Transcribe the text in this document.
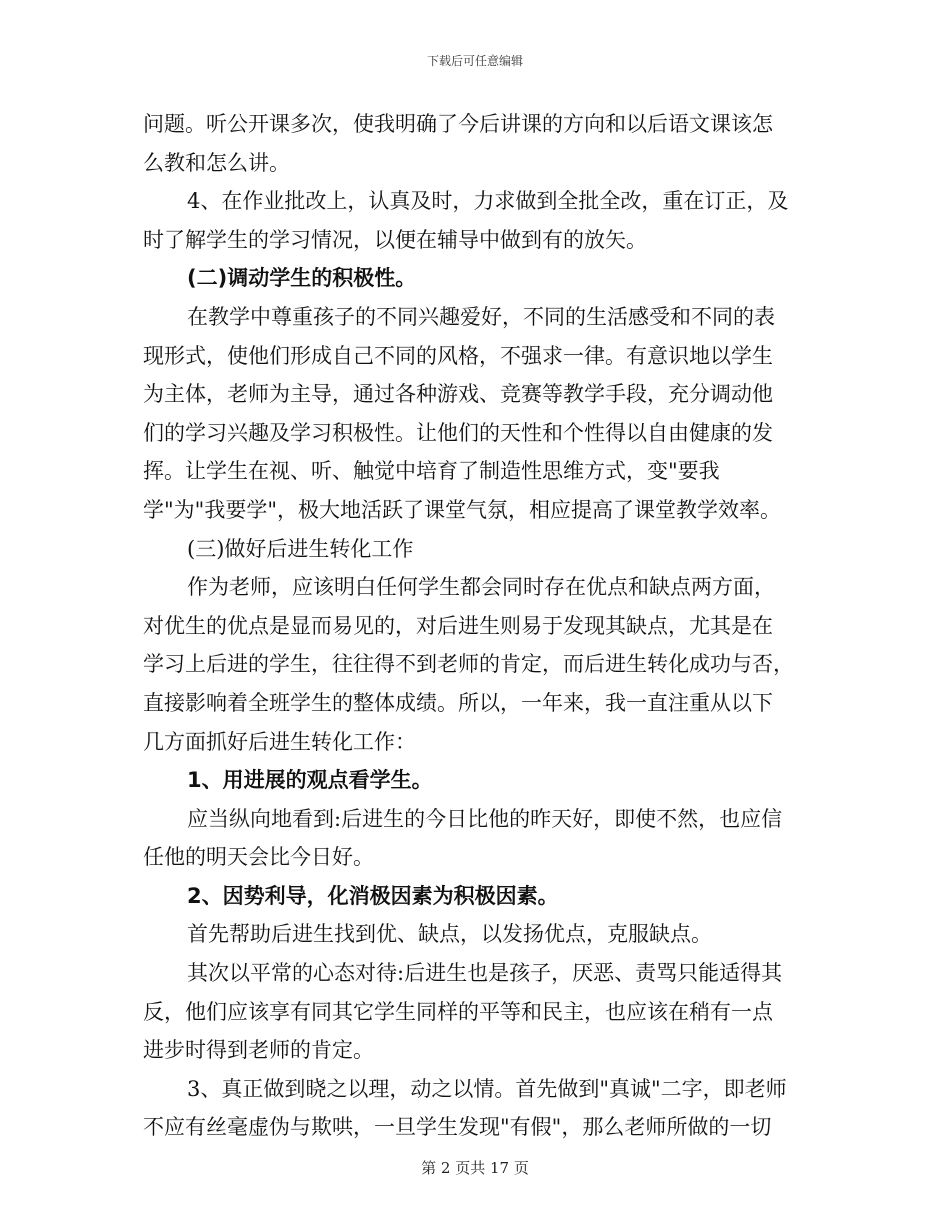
下载后可任意编辑
问题。听公开课多次，使我明确了今后讲课的方向和以后语文课该怎
么教和怎么讲。
4、在作业批改上，认真及时，力求做到全批全改，重在订正，及
时了解学生的学习情况，以便在辅导中做到有的放矢。
(二)调动学生的积极性。
在教学中尊重孩子的不同兴趣爱好，不同的生活感受和不同的表
现形式，使他们形成自己不同的风格，不强求一律。有意识地以学生
为主体，老师为主导，通过各种游戏、竞赛等教学手段，充分调动他
们的学习兴趣及学习积极性。让他们的天性和个性得以自由健康的发
挥。让学生在视、听、触觉中培育了制造性思维方式，变"要我
学"为"我要学"，极大地活跃了课堂气氛，相应提高了课堂教学效率。
(三)做好后进生转化工作
作为老师，应该明白任何学生都会同时存在优点和缺点两方面，
对优生的优点是显而易见的，对后进生则易于发现其缺点，尤其是在
学习上后进的学生，往往得不到老师的肯定，而后进生转化成功与否，
直接影响着全班学生的整体成绩。所以，一年来，我一直注重从以下
几方面抓好后进生转化工作：
1、用进展的观点看学生。
应当纵向地看到:后进生的今日比他的昨天好，即使不然，也应信
任他的明天会比今日好。
2、因势利导，化消极因素为积极因素。
首先帮助后进生找到优、缺点，以发扬优点，克服缺点。
其次以平常的心态对待:后进生也是孩子，厌恶、责骂只能适得其
反，他们应该享有同其它学生同样的平等和民主，也应该在稍有一点
进步时得到老师的肯定。
3、真正做到晓之以理，动之以情。首先做到"真诚"二字，即老师
不应有丝毫虚伪与欺哄，一旦学生发现"有假"，那么老师所做的一切
第 2 页共 17 页
